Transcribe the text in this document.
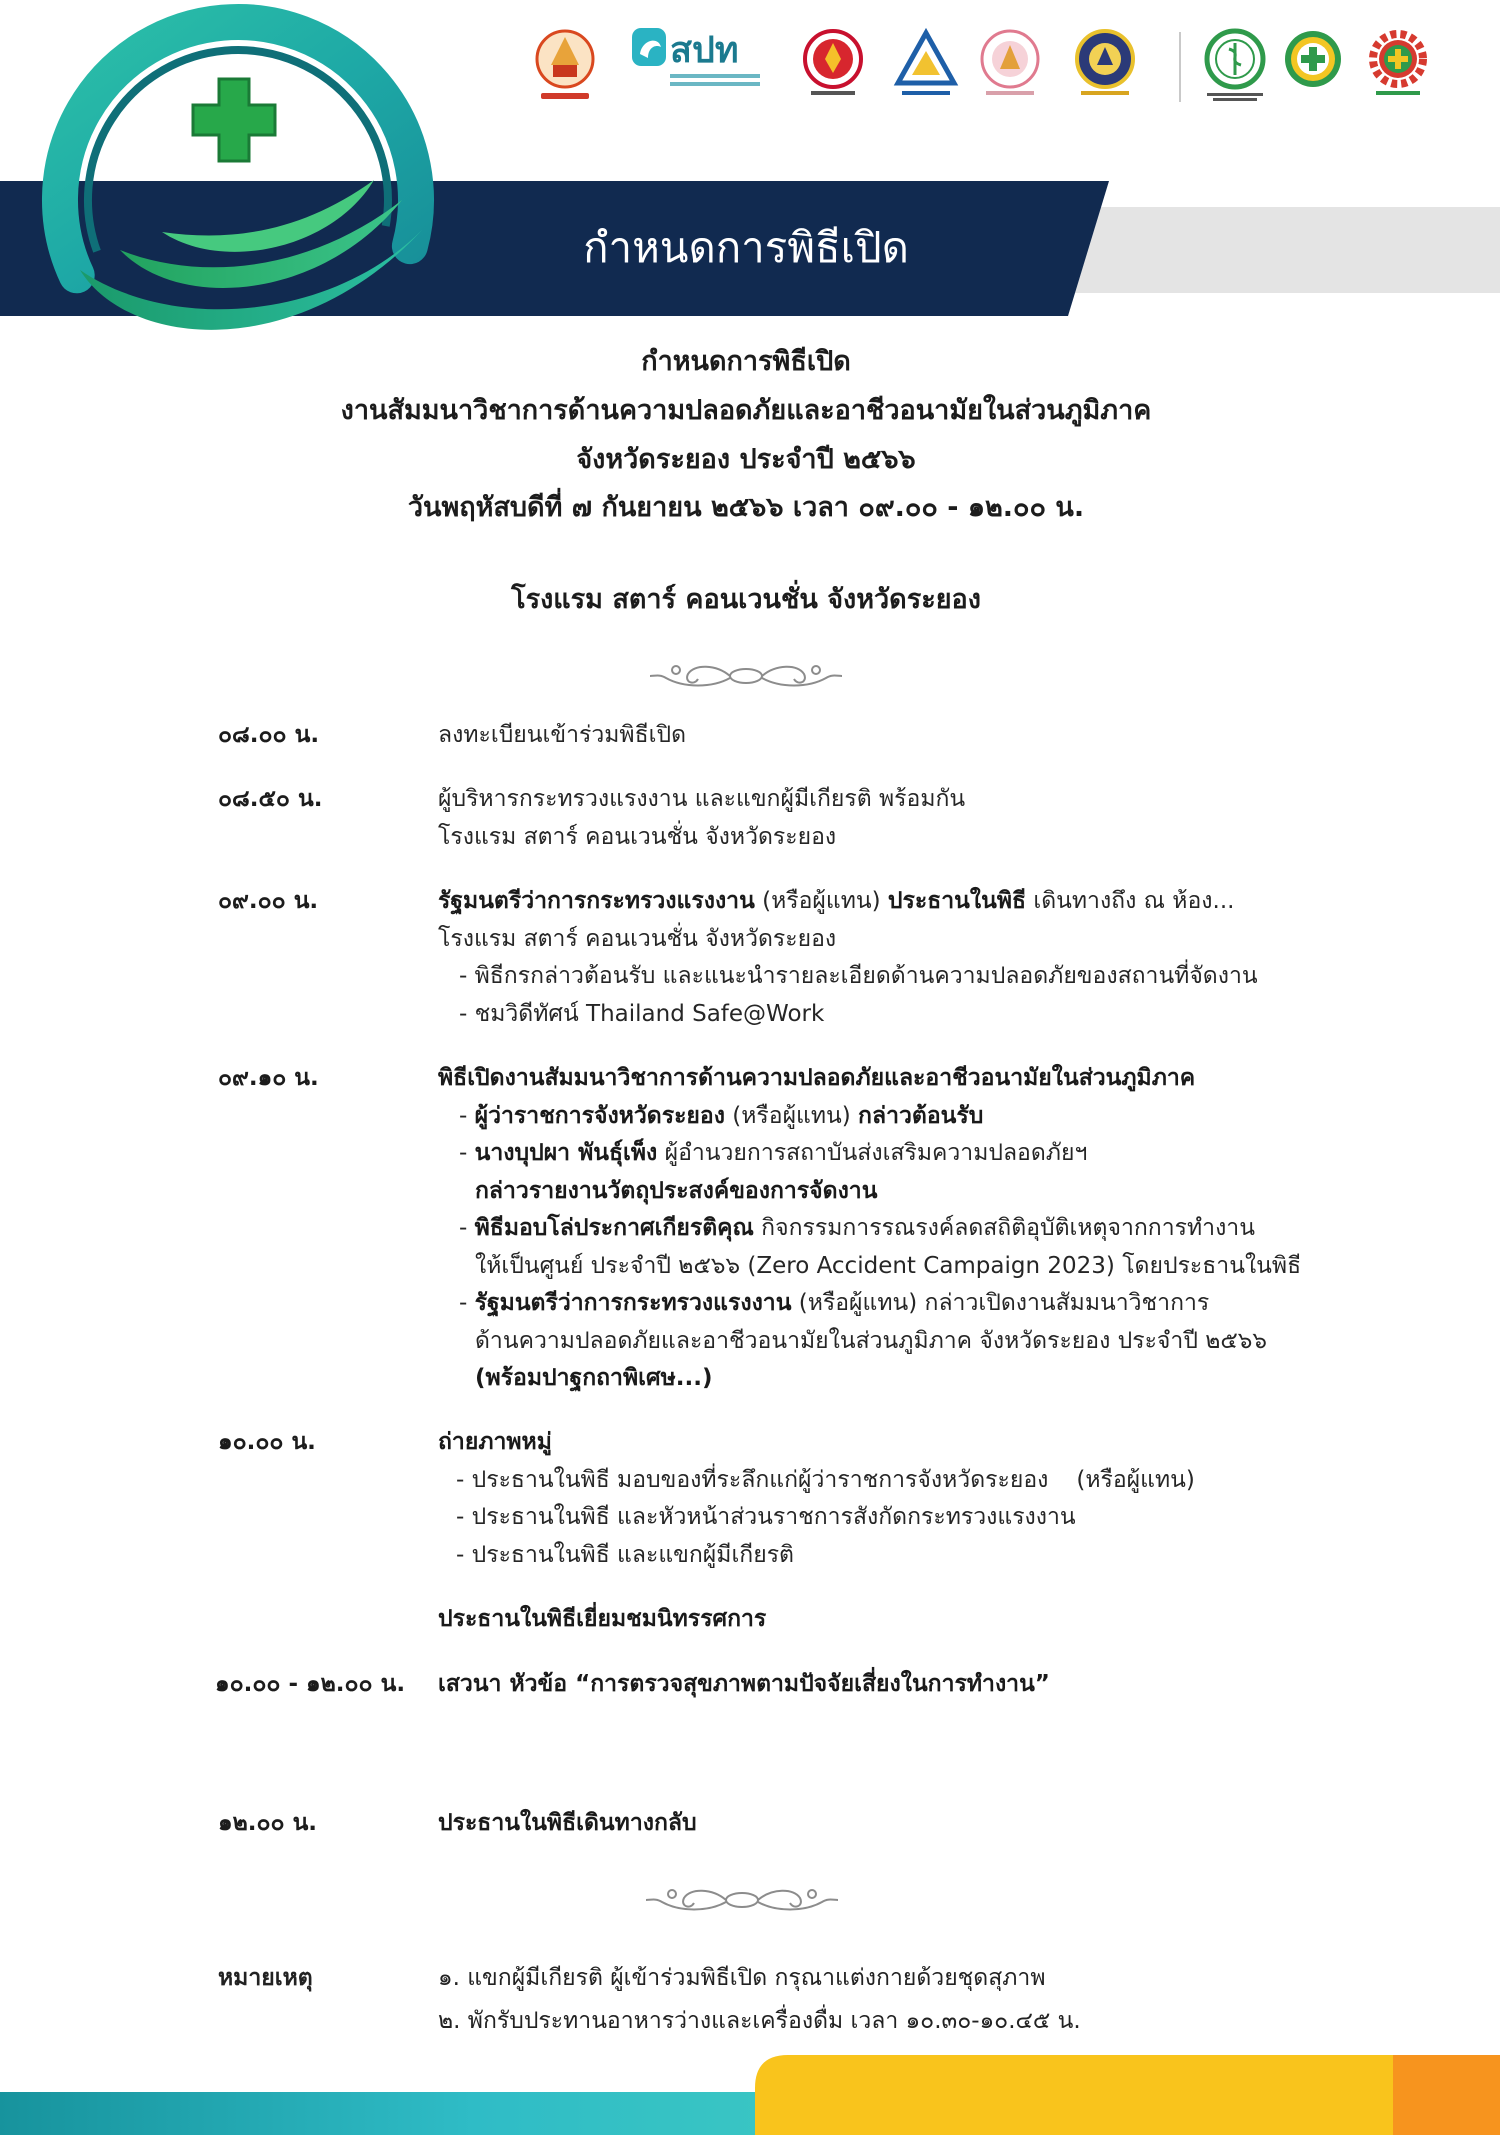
กำหนดการพิธีเปิด
สปท
กำหนดการพิธีเปิด
งานสัมมนาวิชาการด้านความปลอดภัยและอาชีวอนามัยในส่วนภูมิภาค
จังหวัดระยอง ประจำปี ๒๕๖๖
วันพฤหัสบดีที่ ๗ กันยายน ๒๕๖๖ เวลา ๐๙.๐๐ - ๑๒.๐๐ น.
โรงแรม สตาร์ คอนเวนชั่น จังหวัดระยอง
๐๘.๐๐ น.	ลงทะเบียนเข้าร่วมพิธีเปิด
๐๘.๕๐ น.	ผู้บริหารกระทรวงแรงงาน และแขกผู้มีเกียรติ พร้อมกัน
โรงแรม สตาร์ คอนเวนชั่น จังหวัดระยอง
๐๙.๐๐ น.	รัฐมนตรีว่าการกระทรวงแรงงาน (หรือผู้แทน) ประธานในพิธี เดินทางถึง ณ ห้อง...
โรงแรม สตาร์ คอนเวนชั่น จังหวัดระยอง
- พิธีกรกล่าวต้อนรับ และแนะนำรายละเอียดด้านความปลอดภัยของสถานที่จัดงาน
- ชมวิดีทัศน์ Thailand Safe@Work
๐๙.๑๐ น.	พิธีเปิดงานสัมมนาวิชาการด้านความปลอดภัยและอาชีวอนามัยในส่วนภูมิภาค
- ผู้ว่าราชการจังหวัดระยอง (หรือผู้แทน) กล่าวต้อนรับ
- นางบุปผา พันธุ์เพ็ง ผู้อำนวยการสถาบันส่งเสริมความปลอดภัยฯ
กล่าวรายงานวัตถุประสงค์ของการจัดงาน
- พิธีมอบโล่ประกาศเกียรติคุณ กิจกรรมการรณรงค์ลดสถิติอุบัติเหตุจากการทำงาน
ให้เป็นศูนย์ ประจำปี ๒๕๖๖ (Zero Accident Campaign 2023) โดยประธานในพิธี
- รัฐมนตรีว่าการกระทรวงแรงงาน (หรือผู้แทน) กล่าวเปิดงานสัมมนาวิชาการ
ด้านความปลอดภัยและอาชีวอนามัยในส่วนภูมิภาค จังหวัดระยอง ประจำปี ๒๕๖๖
(พร้อมปาฐกถาพิเศษ...)
๑๐.๐๐ น.	ถ่ายภาพหมู่
- ประธานในพิธี มอบของที่ระลึกแก่ผู้ว่าราชการจังหวัดระยอง (หรือผู้แทน)
- ประธานในพิธี และหัวหน้าส่วนราชการสังกัดกระทรวงแรงงาน
- ประธานในพิธี และแขกผู้มีเกียรติ
ประธานในพิธีเยี่ยมชมนิทรรศการ
๑๐.๐๐ - ๑๒.๐๐ น. เสวนา หัวข้อ “การตรวจสุขภาพตามปัจจัยเสี่ยงในการทำงาน”
๑๒.๐๐ น.	ประธานในพิธีเดินทางกลับ
หมายเหตุ	๑. แขกผู้มีเกียรติ ผู้เข้าร่วมพิธีเปิด กรุณาแต่งกายด้วยชุดสุภาพ
๒. พักรับประทานอาหารว่างและเครื่องดื่ม เวลา ๑๐.๓๐-๑๐.๔๕ น.
